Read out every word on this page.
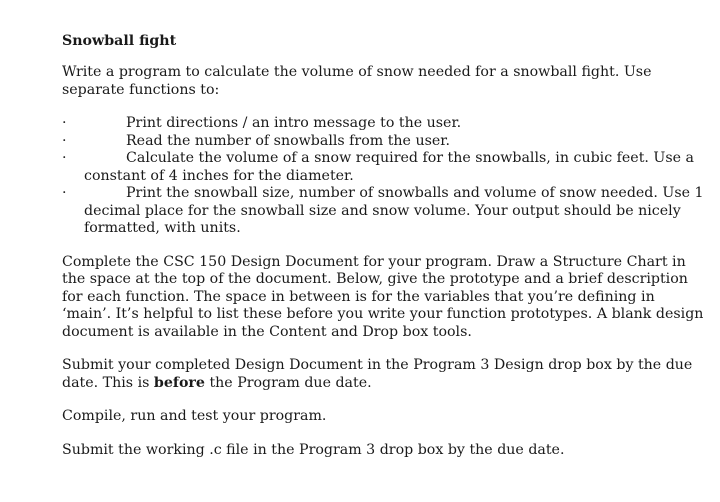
Snowball fight

Write a program to calculate the volume of snow needed for a snowball fight. Use separate functions to:

·	Print directions / an intro message to the user.
·	Read the number of snowballs from the user.
·	Calculate the volume of a snow required for the snowballs, in cubic feet. Use a constant of 4 inches for the diameter.
·	Print the snowball size, number of snowballs and volume of snow needed. Use 1 decimal place for the snowball size and snow volume. Your output should be nicely formatted, with units.

Complete the CSC 150 Design Document for your program. Draw a Structure Chart in the space at the top of the document. Below, give the prototype and a brief description for each function. The space in between is for the variables that you’re defining in ‘main’. It’s helpful to list these before you write your function prototypes. A blank design document is available in the Content and Drop box tools.

Submit your completed Design Document in the Program 3 Design drop box by the due date. This is before the Program due date.

Compile, run and test your program.

Submit the working .c file in the Program 3 drop box by the due date.
